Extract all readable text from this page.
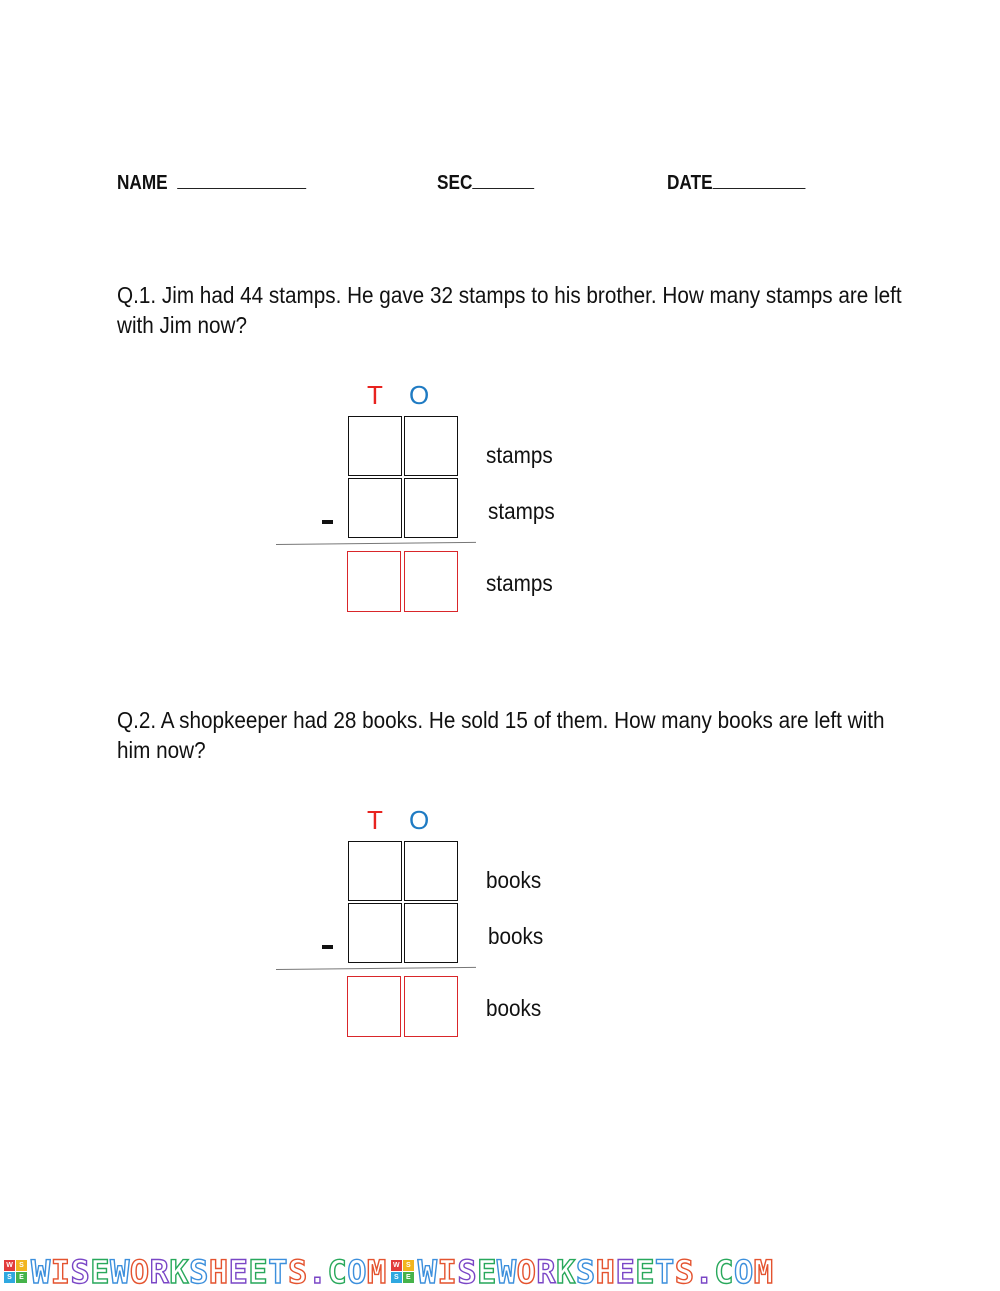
NAME	SEC	DATE
Q.1. Jim had 44 stamps. He gave 32 stamps to his brother. How many stamps are left with Jim now?
T O
stamps
stamps
stamps
Q.2. A shopkeeper had 28 books. He sold 15 of them. How many books are left with him now?
T O
books
books
books
W S
S	E WISEWORKSHEETS.COM W S
S	E WISEWORKSHEETS.COM
